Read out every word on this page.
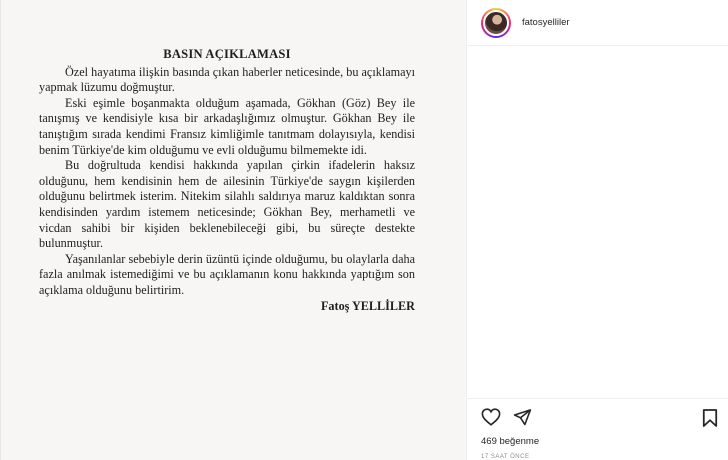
BASIN AÇIKLAMASI

Özel hayatıma ilişkin basında çıkan haberler neticesinde, bu açıklamayı yapmak lüzumu doğmuştur.

Eski eşimle boşanmakta olduğum aşamada, Gökhan (Göz) Bey ile tanışmış ve kendisiyle kısa bir arkadaşlığımız olmuştur. Gökhan Bey ile tanıştığım sırada kendimi Fransız kimliğimle tanıtmam dolayısıyla, kendisi benim Türkiye'de kim olduğumu ve evli olduğumu bilmemekte idi.

Bu doğrultuda kendisi hakkında yapılan çirkin ifadelerin haksız olduğunu, hem kendisinin hem de ailesinin Türkiye'de saygın kişilerden olduğunu belirtmek isterim. Nitekim silahlı saldırıya maruz kaldıktan sonra kendisinden yardım istemem neticesinde; Gökhan Bey, merhametli ve vicdan sahibi bir kişiden beklenebileceği gibi, bu süreçte destekte bulunmuştur.

Yaşanılanlar sebebiyle derin üzüntü içinde olduğumu, bu olaylarla daha fazla anılmak istemediğimi ve bu açıklamanın konu hakkında yaptığım son açıklama olduğunu belirtirim.

Fatoş YELLİLER

fatosyelliler
469 beğenme
17 SAAT ÖNCE
